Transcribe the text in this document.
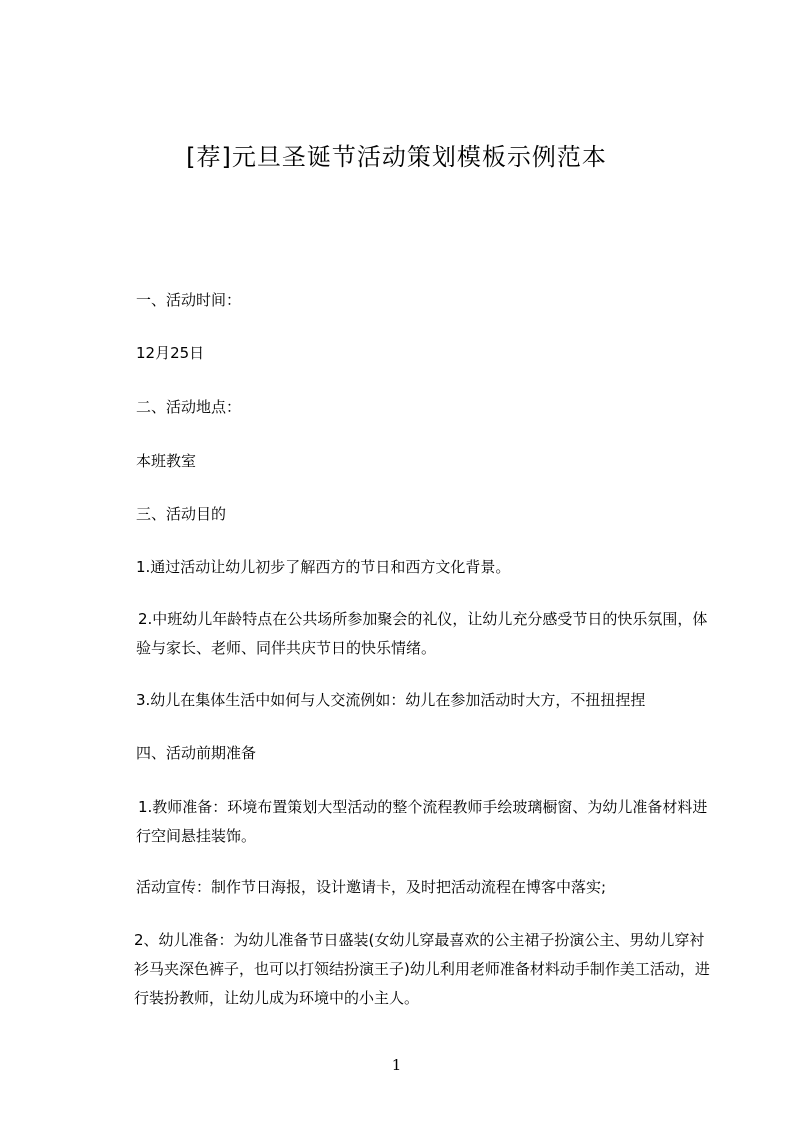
[荐]元旦圣诞节活动策划模板示例范本
一、活动时间：
12月25日
二、活动地点：
本班教室
三、活动目的
1.通过活动让幼儿初步了解西方的节日和西方文化背景。
2.中班幼儿年龄特点在公共场所参加聚会的礼仪，让幼儿充分感受节日的快乐氛围，体验与家长、老师、同伴共庆节日的快乐情绪。
3.幼儿在集体生活中如何与人交流例如：幼儿在参加活动时大方，不扭扭捏捏
四、活动前期准备
1.教师准备：环境布置策划大型活动的整个流程教师手绘玻璃橱窗、为幼儿准备材料进行空间悬挂装饰。
活动宣传：制作节日海报，设计邀请卡，及时把活动流程在博客中落实;
2、幼儿准备：为幼儿准备节日盛装(女幼儿穿最喜欢的公主裙子扮演公主、男幼儿穿衬衫马夹深色裤子，也可以打领结扮演王子)幼儿利用老师准备材料动手制作美工活动，进行装扮教师，让幼儿成为环境中的小主人。
1
